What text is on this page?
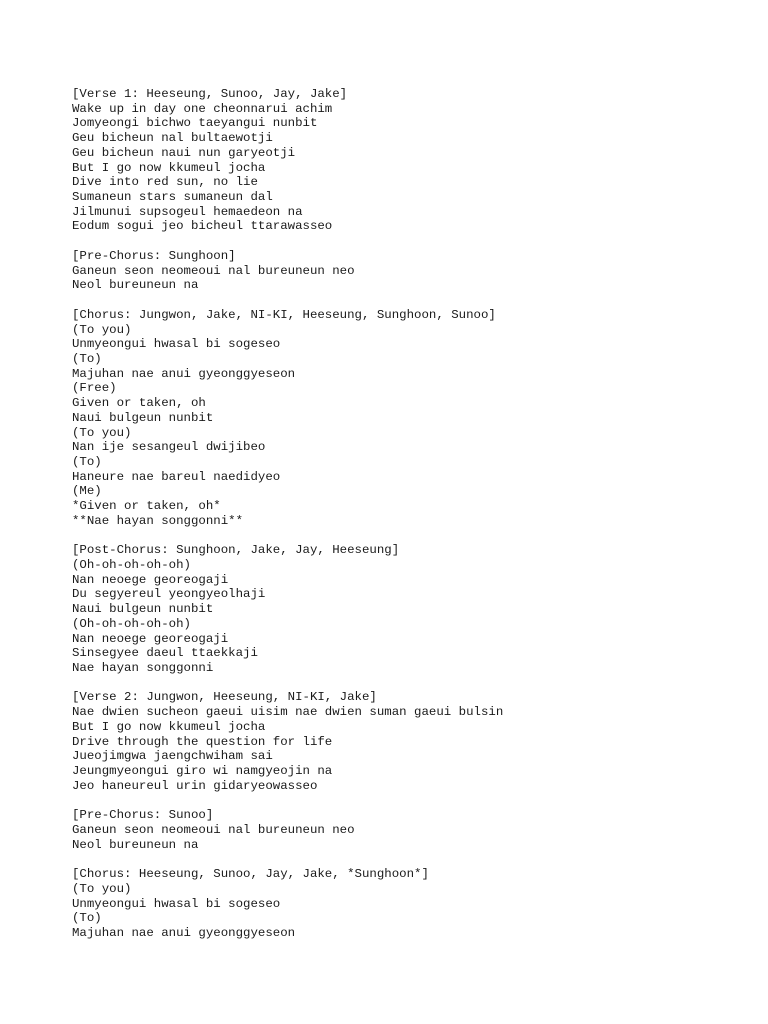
[Verse 1: Heeseung, Sunoo, Jay, Jake]
Wake up in day one cheonnarui achim
Jomyeongi bichwo taeyangui nunbit
Geu bicheun nal bultaewotji
Geu bicheun naui nun garyeotji
But I go now kkumeul jocha
Dive into red sun, no lie
Sumaneun stars sumaneun dal
Jilmunui supsogeul hemaedeon na
Eodum sogui jeo bicheul ttarawasseo
[Pre-Chorus: Sunghoon]
Ganeun seon neomeoui nal bureuneun neo
Neol bureuneun na
[Chorus: Jungwon, Jake, NI-KI, Heeseung, Sunghoon, Sunoo]
(To you)
Unmyeongui hwasal bi sogeseo
(To)
Majuhan nae anui gyeonggyeseon
(Free)
Given or taken, oh
Naui bulgeun nunbit
(To you)
Nan ije sesangeul dwijibeo
(To)
Haneure nae bareul naedidyeo
(Me)
*Given or taken, oh*
**Nae hayan songgonni**
[Post-Chorus: Sunghoon, Jake, Jay, Heeseung]
(Oh-oh-oh-oh-oh)
Nan neoege georeogaji
Du segyereul yeongyeolhaji
Naui bulgeun nunbit
(Oh-oh-oh-oh-oh)
Nan neoege georeogaji
Sinsegyee daeul ttaekkaji
Nae hayan songgonni
[Verse 2: Jungwon, Heeseung, NI-KI, Jake]
Nae dwien sucheon gaeui uisim nae dwien suman gaeui bulsin
But I go now kkumeul jocha
Drive through the question for life
Jueojimgwa jaengchwiham sai
Jeungmyeongui giro wi namgyeojin na
Jeo haneureul urin gidaryeowasseo
[Pre-Chorus: Sunoo]
Ganeun seon neomeoui nal bureuneun neo
Neol bureuneun na
[Chorus: Heeseung, Sunoo, Jay, Jake, *Sunghoon*]
(To you)
Unmyeongui hwasal bi sogeseo
(To)
Majuhan nae anui gyeonggyeseon
